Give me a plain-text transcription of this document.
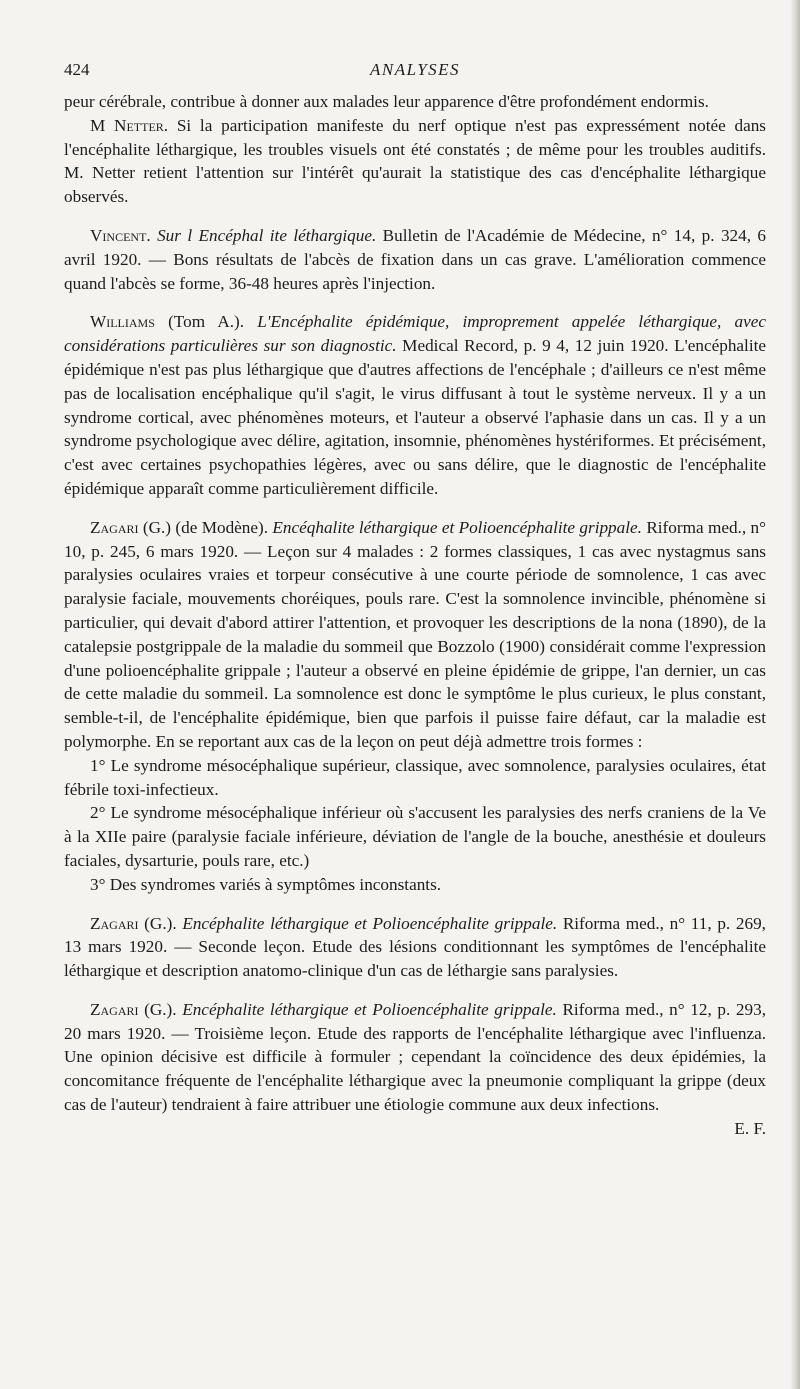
424	ANALYSES

peur cérébrale, contribue à donner aux malades leur apparence d'être profondément endormis.

M Netter. Si la participation manifeste du nerf optique n'est pas expressément notée dans l'encéphalite léthargique, les troubles visuels ont été constatés ; de même pour les troubles auditifs. M. Netter retient l'attention sur l'intérêt qu'aurait la statistique des cas d'encéphalite léthargique observés.

Vincent. Sur l Encéphal ite léthargique. Bulletin de l'Académie de Médecine, n° 14, p. 324, 6 avril 1920. — Bons résultats de l'abcès de fixation dans un cas grave. L'amélioration commence quand l'abcès se forme, 36-48 heures après l'injection.

Williams (Tom A.). L'Encéphalite épidémique, improprement appelée léthargique, avec considérations particulières sur son diagnostic. Medical Record, p. 9 4, 12 juin 1920. L'encéphalite épidémique n'est pas plus léthargique que d'autres affections de l'encéphale ; d'ailleurs ce n'est même pas de localisation encéphalique qu'il s'agit, le virus diffusant à tout le système nerveux. Il y a un syndrome cortical, avec phénomènes moteurs, et l'auteur a observé l'aphasie dans un cas. Il y a un syndrome psychologique avec délire, agitation, insomnie, phénomènes hystériformes. Et précisément, c'est avec certaines psychopathies légères, avec ou sans délire, que le diagnostic de l'encéphalite épidémique apparaît comme particulièrement difficile.

Zagari (G.) (de Modène). Encéqhalite léthargique et Polioencéphalite grippale. Riforma med., n° 10, p. 245, 6 mars 1920. — Leçon sur 4 malades : 2 formes classiques, 1 cas avec nystagmus sans paralysies oculaires vraies et torpeur consécutive à une courte période de somnolence, 1 cas avec paralysie faciale, mouvements choréiques, pouls rare. C'est la somnolence invincible, phénomène si particulier, qui devait d'abord attirer l'attention, et provoquer les descriptions de la nona (1890), de la catalepsie postgrippale de la maladie du sommeil que Bozzolo (1900) considérait comme l'expression d'une polioencéphalite grippale ; l'auteur a observé en pleine épidémie de grippe, l'an dernier, un cas de cette maladie du sommeil. La somnolence est donc le symptôme le plus curieux, le plus constant, semble-t-il, de l'encéphalite épidémique, bien que parfois il puisse faire défaut, car la maladie est polymorphe. En se reportant aux cas de la leçon on peut déjà admettre trois formes :

1° Le syndrome mésocéphalique supérieur, classique, avec somnolence, paralysies oculaires, état fébrile toxi-infectieux.

2° Le syndrome mésocéphalique inférieur où s'accusent les paralysies des nerfs craniens de la Ve à la XIIe paire (paralysie faciale inférieure, déviation de l'angle de la bouche, anesthésie et douleurs faciales, dysarturie, pouls rare, etc.)

3° Des syndromes variés à symptômes inconstants.

Zagari (G.). Encéphalite léthargique et Polioencéphalite grippale. Riforma med., n° 11, p. 269, 13 mars 1920. — Seconde leçon. Etude des lésions conditionnant les symptômes de l'encéphalite léthargique et description anatomo-clinique d'un cas de léthargie sans paralysies.

Zagari (G.). Encéphalite léthargique et Polioencéphalite grippale. Riforma med., n° 12, p. 293, 20 mars 1920. — Troisième leçon. Etude des rapports de l'encéphalite léthargique avec l'influenza. Une opinion décisive est difficile à formuler ; cependant la coïncidence des deux épidémies, la concomitance fréquente de l'encéphalite léthargique avec la pneumonie compliquant la grippe (deux cas de l'auteur) tendraient à faire attribuer une étiologie commune aux deux infections.

E. F.
